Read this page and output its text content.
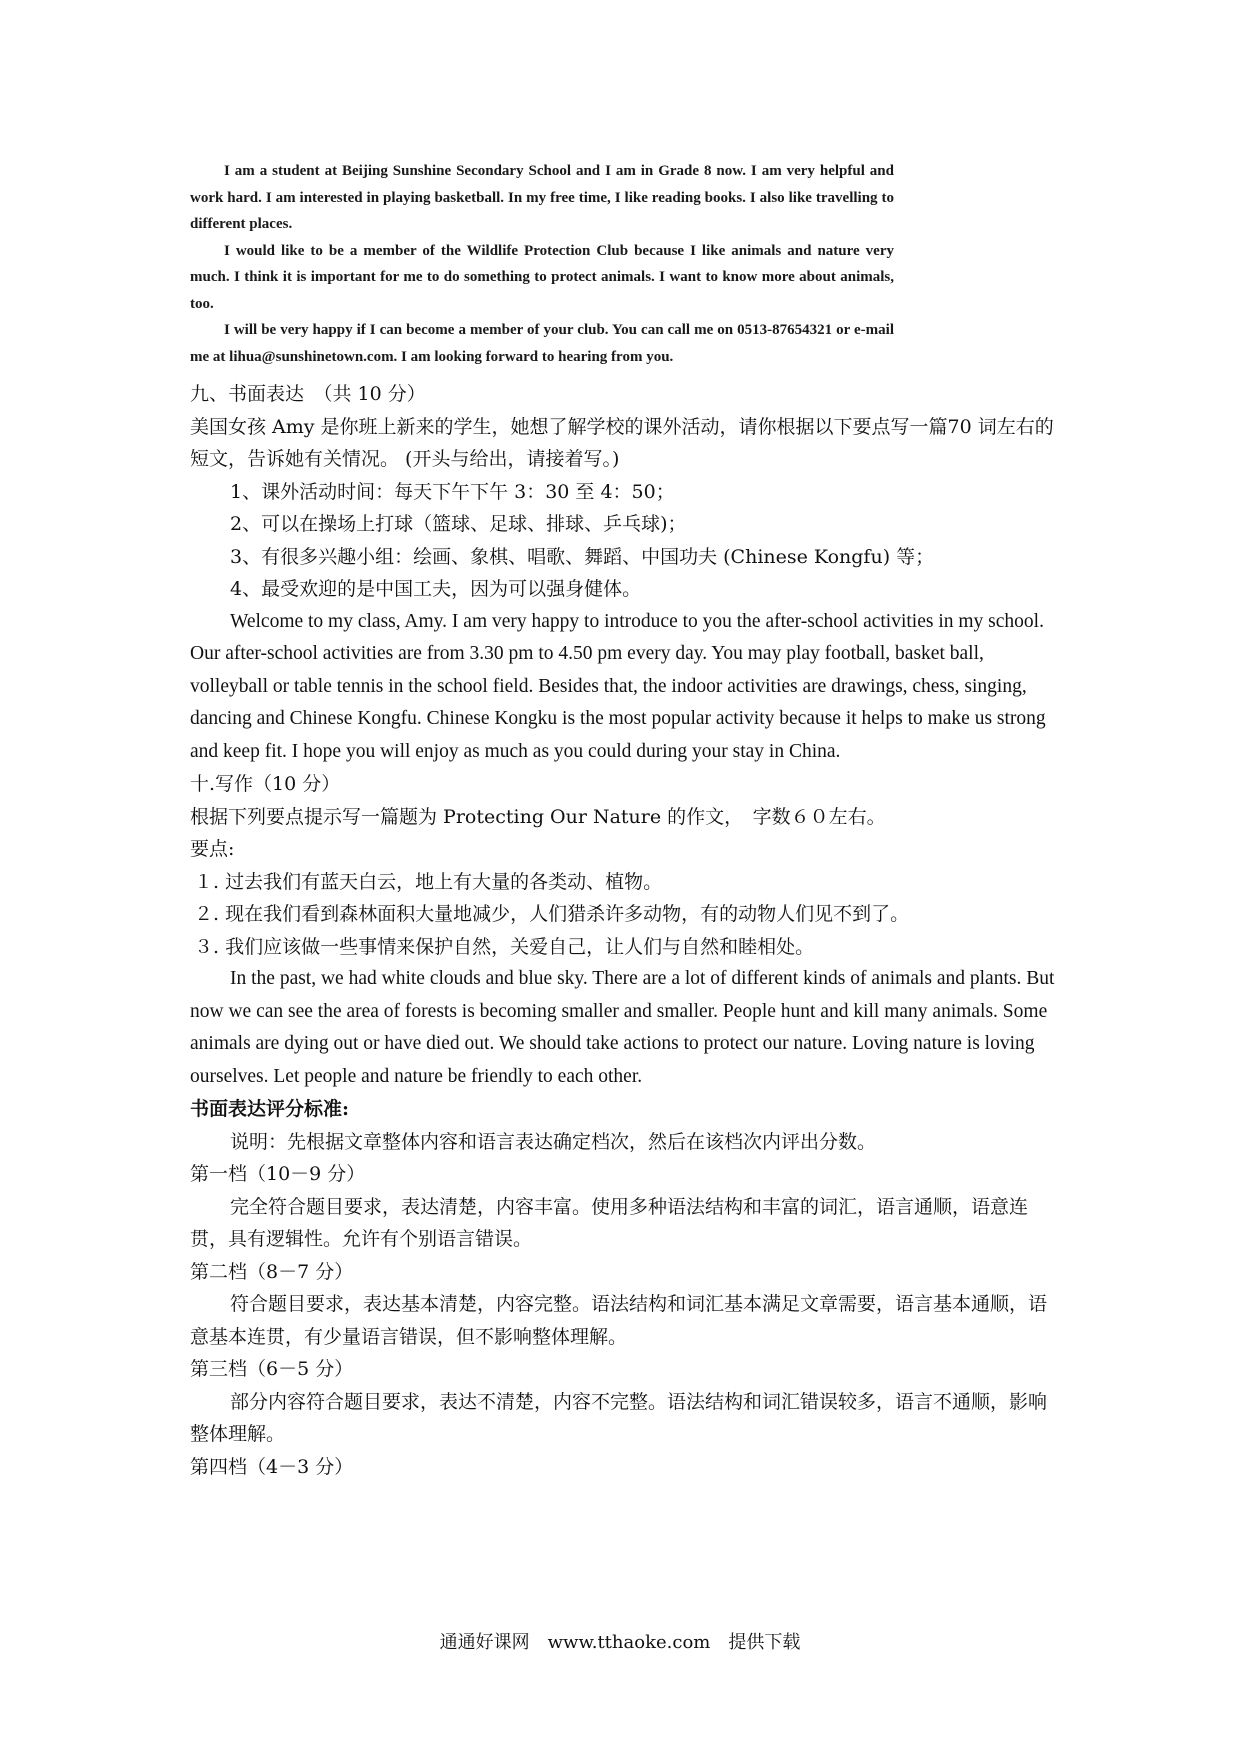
I am a student at Beijing Sunshine Secondary School and I am in Grade 8 now. I am very helpful and work hard. I am interested in playing basketball. In my free time, I like reading books. I also like travelling to different places.

I would like to be a member of the Wildlife Protection Club because I like animals and nature very much. I think it is important for me to do something to protect animals. I want to know more about animals, too.

I will be very happy if I can become a member of your club. You can call me on 0513-87654321 or e-mail me at lihua@sunshinetown.com. I am looking forward to hearing from you.

九、书面表达　（共 10 分）

美国女孩 Amy 是你班上新来的学生，她想了解学校的课外活动，请你根据以下要点写一篇70 词左右的短文，告诉她有关情况。 (开头与给出，请接着写。)

1、课外活动时间：每天下午下午 3：30 至 4：50；

2、可以在操场上打球（篮球、足球、排球、乒乓球)；

3、有很多兴趣小组：绘画、象棋、唱歌、舞蹈、中国功夫 (Chinese Kongfu) 等；

4、最受欢迎的是中国工夫，因为可以强身健体。

Welcome to my class, Amy. I am very happy to introduce to you the after-school activities in my school. Our after-school activities are from 3.30 pm to 4.50 pm every day. You may play football, basket ball, volleyball or table tennis in the school field. Besides that, the indoor activities are drawings, chess, singing, dancing and Chinese Kongfu. Chinese Kongku is the most popular activity because it helps to make us strong and keep fit. I hope you will enjoy as much as you could during your stay in China.

十.写作（10 分）

根据下列要点提示写一篇题为 Protecting Our Nature 的作文，　字数６０左右。

要点:

１. 过去我们有蓝天白云，地上有大量的各类动、植物。

２. 现在我们看到森林面积大量地减少，人们猎杀许多动物，有的动物人们见不到了。

３. 我们应该做一些事情来保护自然，关爱自己，让人们与自然和睦相处。

In the past, we had white clouds and blue sky. There are a lot of different kinds of animals and plants. But now we can see the area of forests is becoming smaller and smaller. People hunt and kill many animals. Some animals are dying out or have died out. We should take actions to protect our nature. Loving nature is loving ourselves. Let people and nature be friendly to each other.

书面表达评分标准:

说明：先根据文章整体内容和语言表达确定档次，然后在该档次内评出分数。

第一档（10－9 分）

完全符合题目要求，表达清楚，内容丰富。使用多种语法结构和丰富的词汇，语言通顺，语意连贯，具有逻辑性。允许有个别语言错误。

第二档（8－7 分）

符合题目要求，表达基本清楚，内容完整。语法结构和词汇基本满足文章需要，语言基本通顺，语意基本连贯，有少量语言错误，但不影响整体理解。

第三档（6－5 分）

部分内容符合题目要求，表达不清楚，内容不完整。语法结构和词汇错误较多，语言不通顺，影响整体理解。

第四档（4－3 分）

通通好课网　www.tthaoke.com　提供下载
